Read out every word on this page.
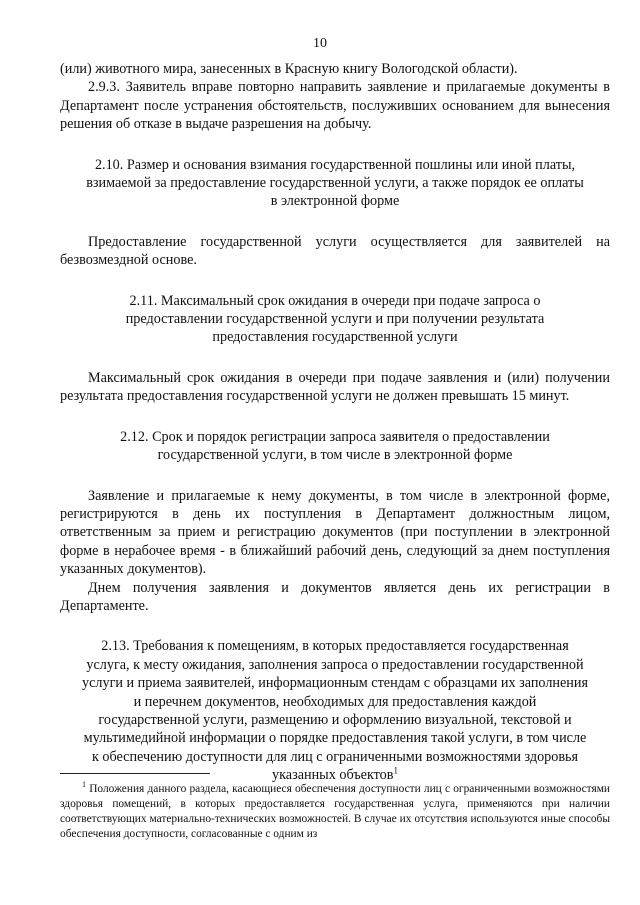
10

(или) животного мира, занесенных в Красную книгу Вологодской области).

2.9.3. Заявитель вправе повторно направить заявление и прилагаемые документы в Департамент после устранения обстоятельств, послуживших основанием для вынесения решения об отказе в выдаче разрешения на добычу.

2.10. Размер и основания взимания государственной пошлины или иной платы, взимаемой за предоставление государственной услуги, а также порядок ее оплаты в электронной форме

Предоставление государственной услуги осуществляется для заявителей на безвозмездной основе.

2.11. Максимальный срок ожидания в очереди при подаче запроса о предоставлении государственной услуги и при получении результата предоставления государственной услуги

Максимальный срок ожидания в очереди при подаче заявления и (или) получении результата предоставления государственной услуги не должен превышать 15 минут.

2.12. Срок и порядок регистрации запроса заявителя о предоставлении государственной услуги, в том числе в электронной форме

Заявление и прилагаемые к нему документы, в том числе в электронной форме, регистрируются в день их поступления в Департамент должностным лицом, ответственным за прием и регистрацию документов (при поступлении в электронной форме в нерабочее время - в ближайший рабочий день, следующий за днем поступления указанных документов).

Днем получения заявления и документов является день их регистрации в Департаменте.

2.13. Требования к помещениям, в которых предоставляется государственная услуга, к месту ожидания, заполнения запроса о предоставлении государственной услуги и приема заявителей, информационным стендам с образцами их заполнения и перечнем документов, необходимых для предоставления каждой государственной услуги, размещению и оформлению визуальной, текстовой и мультимедийной информации о порядке предоставления такой услуги, в том числе к обеспечению доступности для лиц с ограниченными возможностями здоровья указанных объектов$^1$
$^1$ Положения данного раздела, касающиеся обеспечения доступности лиц с ограниченными возможностями здоровья помещений, в которых предоставляется государственная услуга, применяются при наличии соответствующих материально-технических возможностей. В случае их отсутствия используются иные способы обеспечения доступности, согласованные с одним из
